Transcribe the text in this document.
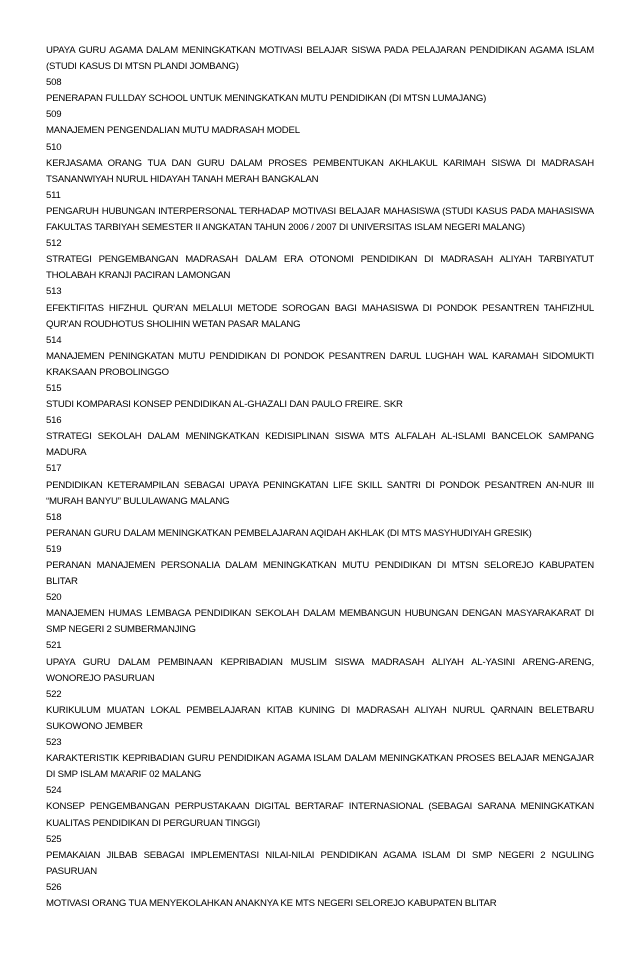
UPAYA GURU AGAMA DALAM MENINGKATKAN MOTIVASI BELAJAR SISWA PADA PELAJARAN PENDIDIKAN AGAMA ISLAM (STUDI KASUS DI MTSN PLANDI JOMBANG)

508

PENERAPAN FULLDAY SCHOOL UNTUK MENINGKATKAN MUTU PENDIDIKAN (DI MTSN LUMAJANG)

509

MANAJEMEN PENGENDALIAN MUTU MADRASAH MODEL

510

KERJASAMA ORANG TUA DAN GURU DALAM PROSES PEMBENTUKAN AKHLAKUL KARIMAH SISWA DI MADRASAH TSANANWIYAH NURUL HIDAYAH TANAH MERAH BANGKALAN

511

PENGARUH HUBUNGAN INTERPERSONAL TERHADAP MOTIVASI BELAJAR MAHASISWA (STUDI KASUS PADA MAHASISWA FAKULTAS TARBIYAH SEMESTER II ANGKATAN TAHUN 2006 / 2007 DI UNIVERSITAS ISLAM NEGERI MALANG)

512

STRATEGI PENGEMBANGAN MADRASAH DALAM ERA OTONOMI PENDIDIKAN DI MADRASAH ALIYAH TARBIYATUT THOLABAH KRANJI PACIRAN LAMONGAN

513

EFEKTIFITAS HIFZHUL QUR'AN MELALUI METODE SOROGAN BAGI MAHASISWA DI PONDOK PESANTREN TAHFIZHUL QUR'AN ROUDHOTUS SHOLIHIN WETAN PASAR MALANG

514

MANAJEMEN PENINGKATAN MUTU PENDIDIKAN DI PONDOK PESANTREN DARUL LUGHAH WAL KARAMAH SIDOMUKTI KRAKSAAN PROBOLINGGO

515

STUDI KOMPARASI KONSEP PENDIDIKAN AL-GHAZALI DAN PAULO FREIRE. SKR

516

STRATEGI SEKOLAH DALAM MENINGKATKAN KEDISIPLINAN SISWA MTS ALFALAH AL-ISLAMI BANCELOK SAMPANG MADURA

517

PENDIDIKAN KETERAMPILAN SEBAGAI UPAYA PENINGKATAN LIFE SKILL SANTRI DI PONDOK PESANTREN AN-NUR III “MURAH BANYU” BULULAWANG MALANG

518

PERANAN GURU DALAM MENINGKATKAN PEMBELAJARAN AQIDAH AKHLAK (DI MTS MASYHUDIYAH GRESIK)

519

PERANAN MANAJEMEN PERSONALIA DALAM MENINGKATKAN MUTU PENDIDIKAN DI MTSN SELOREJO KABUPATEN BLITAR

520

MANAJEMEN HUMAS LEMBAGA PENDIDIKAN SEKOLAH DALAM MEMBANGUN HUBUNGAN DENGAN MASYARAKARAT DI SMP NEGERI 2 SUMBERMANJING

521

UPAYA GURU DALAM PEMBINAAN KEPRIBADIAN MUSLIM SISWA MADRASAH ALIYAH AL-YASINI ARENG-ARENG, WONOREJO PASURUAN

522

KURIKULUM MUATAN LOKAL PEMBELAJARAN KITAB KUNING DI MADRASAH ALIYAH NURUL QARNAIN BELETBARU SUKOWONO JEMBER

523

KARAKTERISTIK KEPRIBADIAN GURU PENDIDIKAN AGAMA ISLAM DALAM MENINGKATKAN PROSES BELAJAR MENGAJAR DI SMP ISLAM MA’ARIF 02 MALANG

524

KONSEP PENGEMBANGAN PERPUSTAKAAN DIGITAL BERTARAF INTERNASIONAL (SEBAGAI SARANA MENINGKATKAN KUALITAS PENDIDIKAN DI PERGURUAN TINGGI)

525

PEMAKAIAN JILBAB SEBAGAI IMPLEMENTASI NILAI-NILAI PENDIDIKAN AGAMA ISLAM DI SMP NEGERI 2 NGULING PASURUAN

526

MOTIVASI ORANG TUA MENYEKOLAHKAN ANAKNYA KE MTS NEGERI SELOREJO KABUPATEN BLITAR
